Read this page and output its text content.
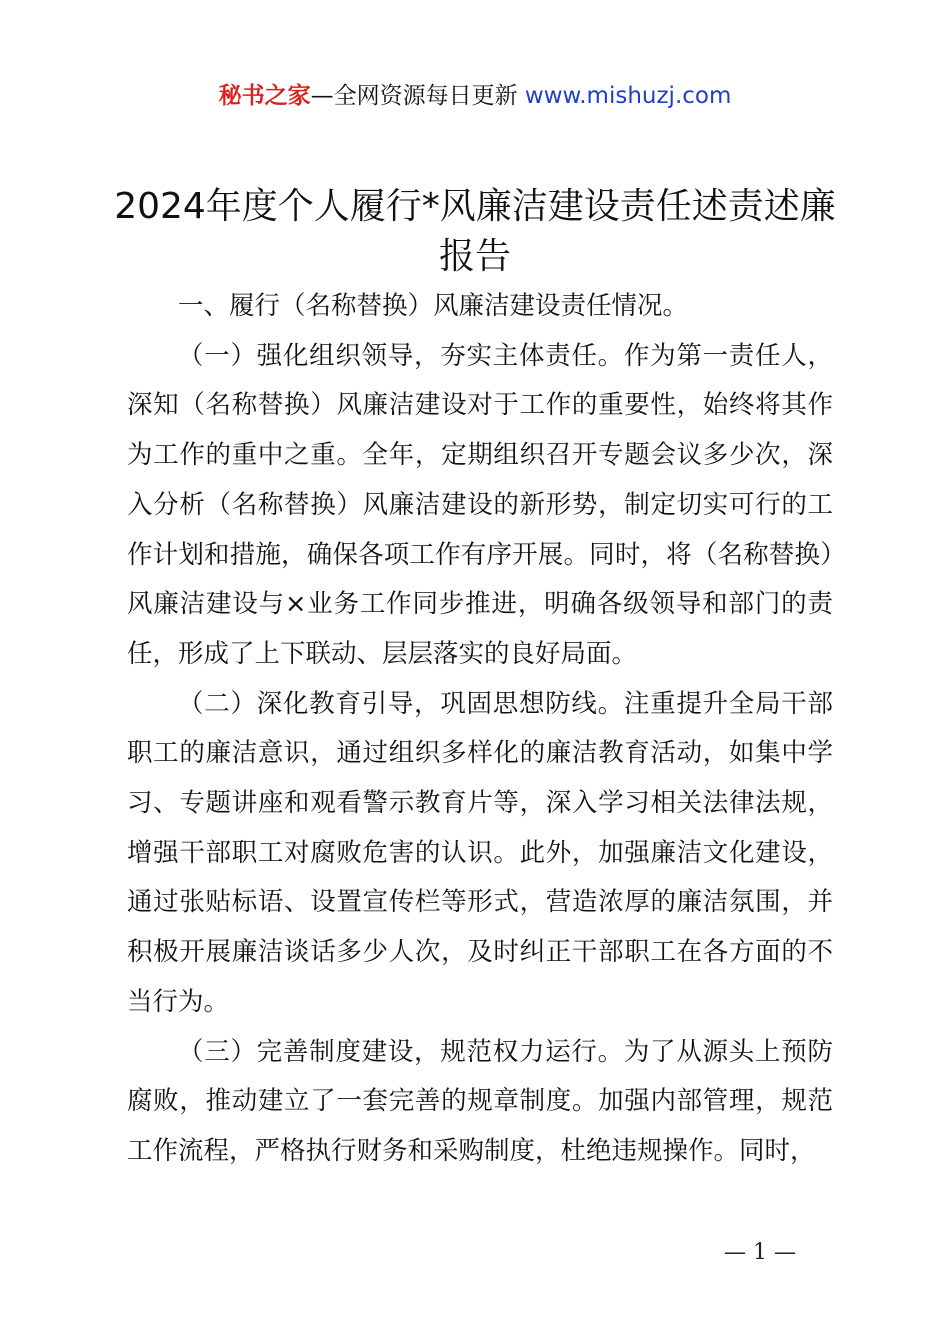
秘书之家—全网资源每日更新 www.mishuzj.com
2024年度个人履行*风廉洁建设责任述责述廉报告

一、履行（名称替换）风廉洁建设责任情况。

（一）强化组织领导，夯实主体责任。作为第一责任人，深知（名称替换）风廉洁建设对于工作的重要性，始终将其作为工作的重中之重。全年，定期组织召开专题会议多少次，深入分析（名称替换）风廉洁建设的新形势，制定切实可行的工作计划和措施，确保各项工作有序开展。同时，将（名称替换）风廉洁建设与×业务工作同步推进，明确各级领导和部门的责任，形成了上下联动、层层落实的良好局面。

（二）深化教育引导，巩固思想防线。注重提升全局干部职工的廉洁意识，通过组织多样化的廉洁教育活动，如集中学习、专题讲座和观看警示教育片等，深入学习相关法律法规，增强干部职工对腐败危害的认识。此外，加强廉洁文化建设，通过张贴标语、设置宣传栏等形式，营造浓厚的廉洁氛围，并积极开展廉洁谈话多少人次，及时纠正干部职工在各方面的不当行为。

（三）完善制度建设，规范权力运行。为了从源头上预防腐败，推动建立了一套完善的规章制度。加强内部管理，规范工作流程，严格执行财务和采购制度，杜绝违规操作。同时，

— 1 —
